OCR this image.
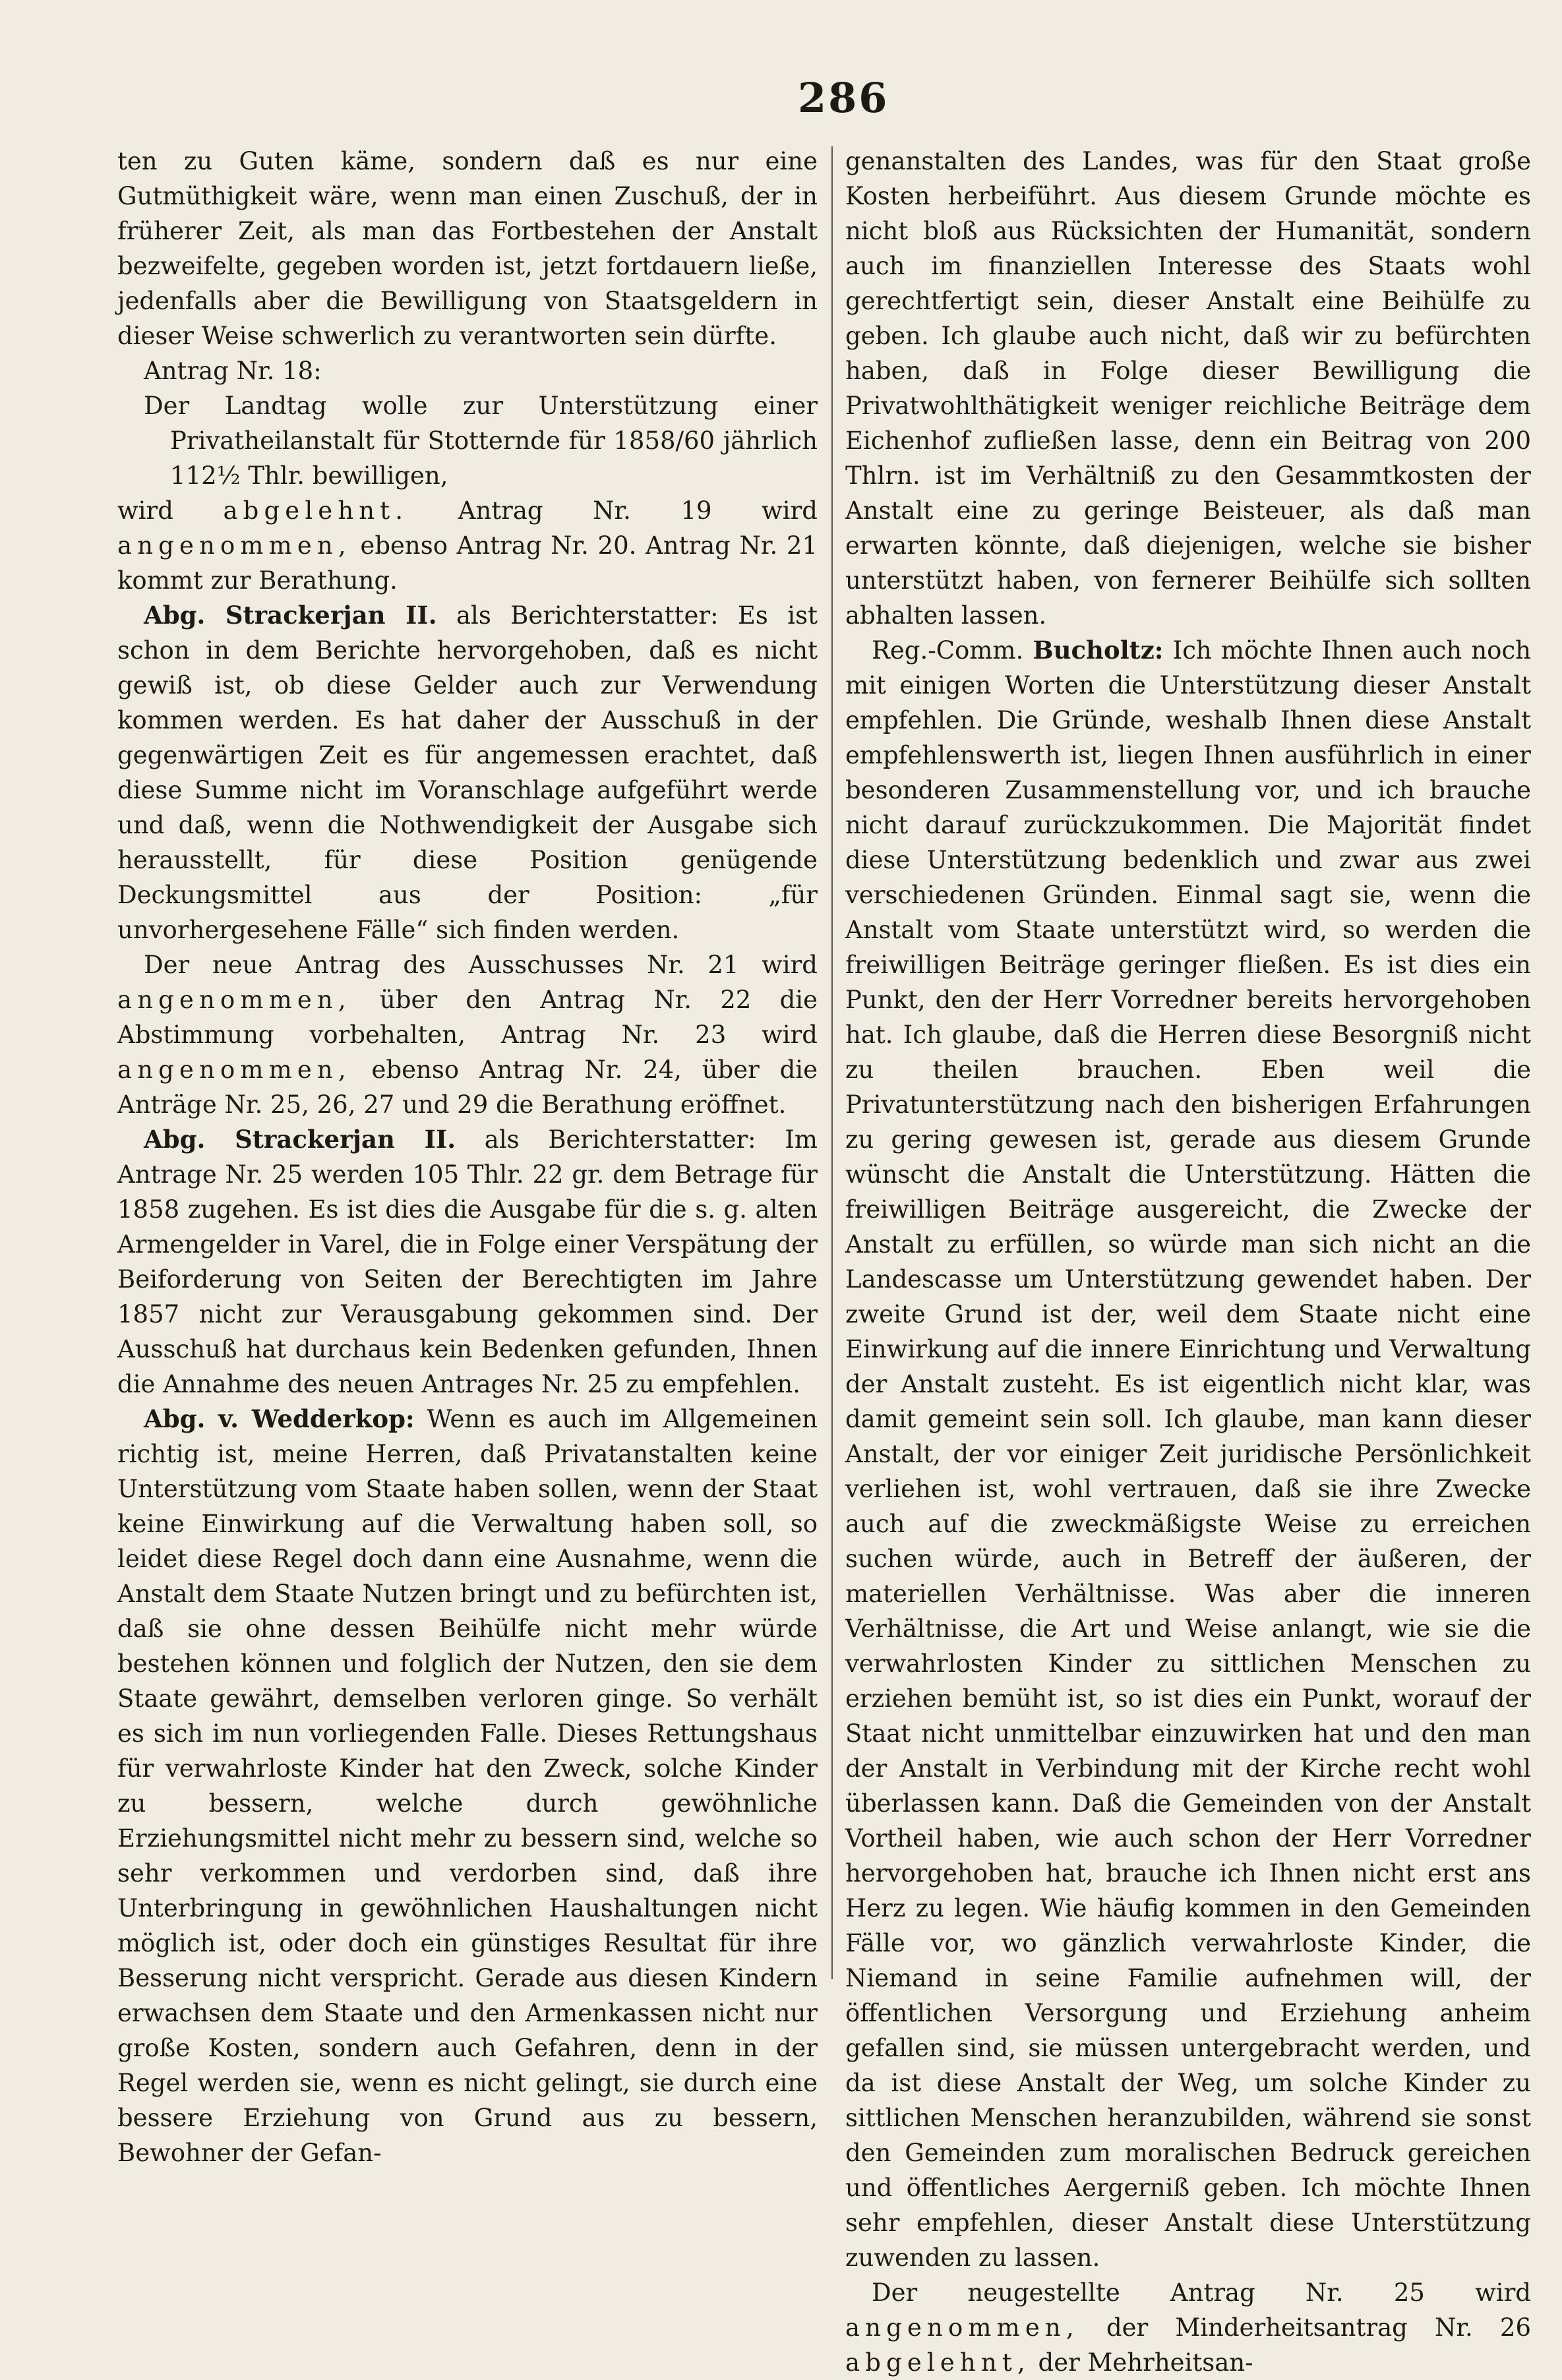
286

ten zu Guten käme, sondern daß es nur eine Gutmüthigkeit wäre, wenn man einen Zuschuß, der in früherer Zeit, als man das Fortbestehen der Anstalt bezweifelte, gegeben worden ist, jetzt fortdauern ließe, jedenfalls aber die Bewilligung von Staatsgeldern in dieser Weise schwerlich zu verantworten sein dürfte.

Antrag Nr. 18:

Der Landtag wolle zur Unterstützung einer Privatheilanstalt für Stotternde für 1858/60 jährlich 112½ Thlr. bewilligen,

wird abgelehnt. Antrag Nr. 19 wird angenommen, ebenso Antrag Nr. 20. Antrag Nr. 21 kommt zur Berathung.

Abg. Strackerjan II. als Berichterstatter: Es ist schon in dem Berichte hervorgehoben, daß es nicht gewiß ist, ob diese Gelder auch zur Verwendung kommen werden. Es hat daher der Ausschuß in der gegenwärtigen Zeit es für angemessen erachtet, daß diese Summe nicht im Voranschlage aufgeführt werde und daß, wenn die Nothwendigkeit der Ausgabe sich herausstellt, für diese Position genügende Deckungsmittel aus der Position: „für unvorhergesehene Fälle“ sich finden werden.

Der neue Antrag des Ausschusses Nr. 21 wird angenommen, über den Antrag Nr. 22 die Abstimmung vorbehalten, Antrag Nr. 23 wird angenommen, ebenso Antrag Nr. 24, über die Anträge Nr. 25, 26, 27 und 29 die Berathung eröffnet.

Abg. Strackerjan II. als Berichterstatter: Im Antrage Nr. 25 werden 105 Thlr. 22 gr. dem Betrage für 1858 zugehen. Es ist dies die Ausgabe für die s. g. alten Armengelder in Varel, die in Folge einer Verspätung der Beiforderung von Seiten der Berechtigten im Jahre 1857 nicht zur Verausgabung gekommen sind. Der Ausschuß hat durchaus kein Bedenken gefunden, Ihnen die Annahme des neuen Antrages Nr. 25 zu empfehlen.

Abg. v. Wedderkop: Wenn es auch im Allgemeinen richtig ist, meine Herren, daß Privatanstalten keine Unterstützung vom Staate haben sollen, wenn der Staat keine Einwirkung auf die Verwaltung haben soll, so leidet diese Regel doch dann eine Ausnahme, wenn die Anstalt dem Staate Nutzen bringt und zu befürchten ist, daß sie ohne dessen Beihülfe nicht mehr würde bestehen können und folglich der Nutzen, den sie dem Staate gewährt, demselben verloren ginge. So verhält es sich im nun vorliegenden Falle. Dieses Rettungshaus für verwahrloste Kinder hat den Zweck, solche Kinder zu bessern, welche durch gewöhnliche Erziehungsmittel nicht mehr zu bessern sind, welche so sehr verkommen und verdorben sind, daß ihre Unterbringung in gewöhnlichen Haushaltungen nicht möglich ist, oder doch ein günstiges Resultat für ihre Besserung nicht verspricht. Gerade aus diesen Kindern erwachsen dem Staate und den Armenkassen nicht nur große Kosten, sondern auch Gefahren, denn in der Regel werden sie, wenn es nicht gelingt, sie durch eine bessere Erziehung von Grund aus zu bessern, Bewohner der Gefan-

genanstalten des Landes, was für den Staat große Kosten herbeiführt. Aus diesem Grunde möchte es nicht bloß aus Rücksichten der Humanität, sondern auch im finanziellen Interesse des Staats wohl gerechtfertigt sein, dieser Anstalt eine Beihülfe zu geben. Ich glaube auch nicht, daß wir zu befürchten haben, daß in Folge dieser Bewilligung die Privatwohlthätigkeit weniger reichliche Beiträge dem Eichenhof zufließen lasse, denn ein Beitrag von 200 Thlrn. ist im Verhältniß zu den Gesammtkosten der Anstalt eine zu geringe Beisteuer, als daß man erwarten könnte, daß diejenigen, welche sie bisher unterstützt haben, von fernerer Beihülfe sich sollten abhalten lassen.

Reg.-Comm. Bucholtz: Ich möchte Ihnen auch noch mit einigen Worten die Unterstützung dieser Anstalt empfehlen. Die Gründe, weshalb Ihnen diese Anstalt empfehlenswerth ist, liegen Ihnen ausführlich in einer besonderen Zusammenstellung vor, und ich brauche nicht darauf zurückzukommen. Die Majorität findet diese Unterstützung bedenklich und zwar aus zwei verschiedenen Gründen. Einmal sagt sie, wenn die Anstalt vom Staate unterstützt wird, so werden die freiwilligen Beiträge geringer fließen. Es ist dies ein Punkt, den der Herr Vorredner bereits hervorgehoben hat. Ich glaube, daß die Herren diese Besorgniß nicht zu theilen brauchen. Eben weil die Privatunterstützung nach den bisherigen Erfahrungen zu gering gewesen ist, gerade aus diesem Grunde wünscht die Anstalt die Unterstützung. Hätten die freiwilligen Beiträge ausgereicht, die Zwecke der Anstalt zu erfüllen, so würde man sich nicht an die Landescasse um Unterstützung gewendet haben. Der zweite Grund ist der, weil dem Staate nicht eine Einwirkung auf die innere Einrichtung und Verwaltung der Anstalt zusteht. Es ist eigentlich nicht klar, was damit gemeint sein soll. Ich glaube, man kann dieser Anstalt, der vor einiger Zeit juridische Persönlichkeit verliehen ist, wohl vertrauen, daß sie ihre Zwecke auch auf die zweckmäßigste Weise zu erreichen suchen würde, auch in Betreff der äußeren, der materiellen Verhältnisse. Was aber die inneren Verhältnisse, die Art und Weise anlangt, wie sie die verwahrlosten Kinder zu sittlichen Menschen zu erziehen bemüht ist, so ist dies ein Punkt, worauf der Staat nicht unmittelbar einzuwirken hat und den man der Anstalt in Verbindung mit der Kirche recht wohl überlassen kann. Daß die Gemeinden von der Anstalt Vortheil haben, wie auch schon der Herr Vorredner hervorgehoben hat, brauche ich Ihnen nicht erst ans Herz zu legen. Wie häufig kommen in den Gemeinden Fälle vor, wo gänzlich verwahrloste Kinder, die Niemand in seine Familie aufnehmen will, der öffentlichen Versorgung und Erziehung anheim gefallen sind, sie müssen untergebracht werden, und da ist diese Anstalt der Weg, um solche Kinder zu sittlichen Menschen heranzubilden, während sie sonst den Gemeinden zum moralischen Bedruck gereichen und öffentliches Aergerniß geben. Ich möchte Ihnen sehr empfehlen, dieser Anstalt diese Unterstützung zuwenden zu lassen.

Der neugestellte Antrag Nr. 25 wird angenommen, der Minderheitsantrag Nr. 26 abgelehnt, der Mehrheitsan-
